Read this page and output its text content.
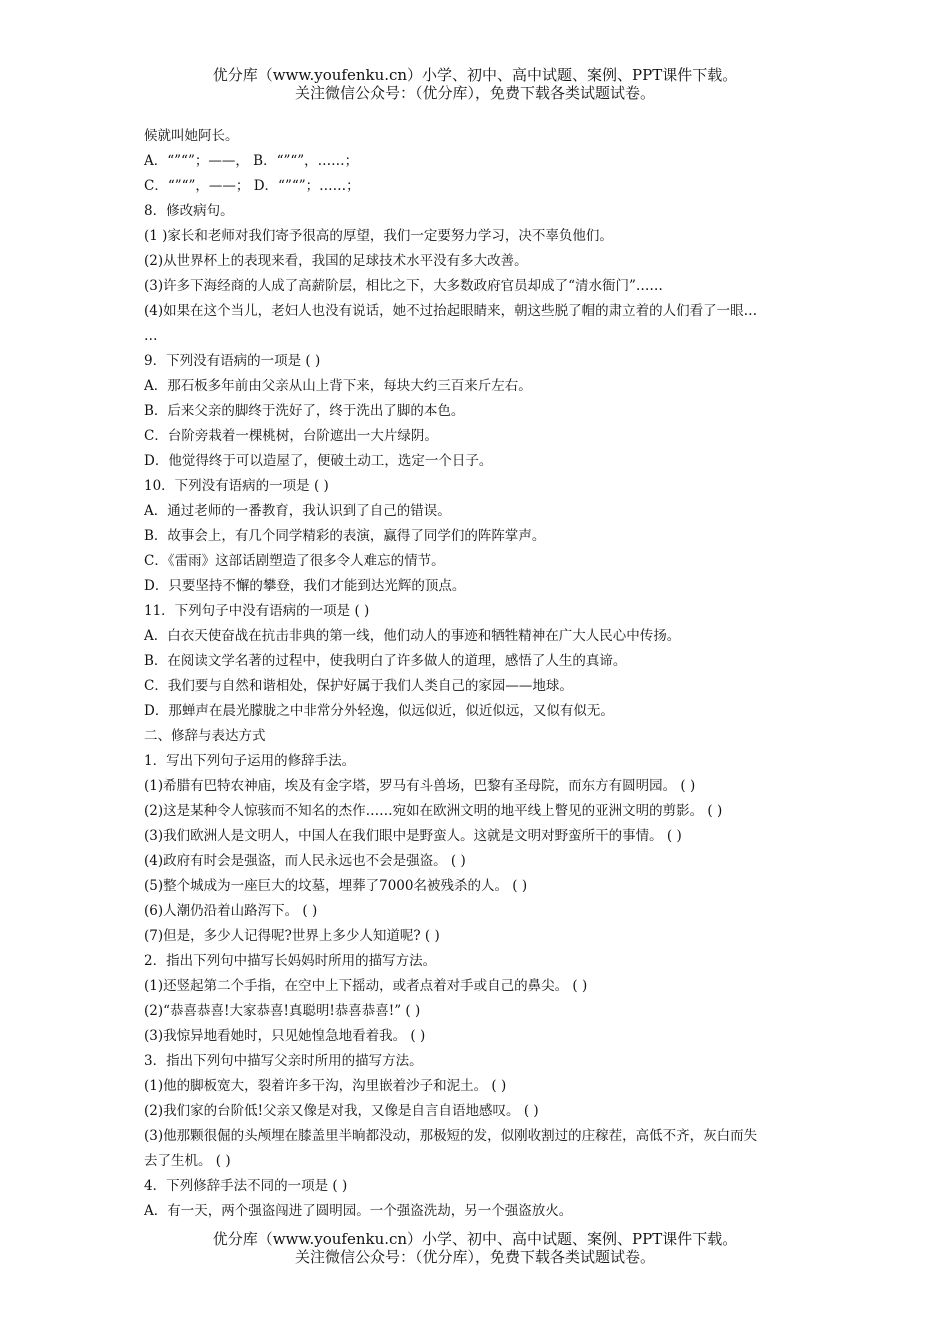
优分库（www.youfenku.cn）小学、初中、高中试题、案例、PPT课件下载。
关注微信公众号：（优分库），免费下载各类试题试卷。
候就叫她阿长。
A．“”“”；——， B．“”“”，……；
C．“”“”，——； D．“”“”；……；
8．修改病句。
(1 )家长和老师对我们寄予很高的厚望，我们一定要努力学习，决不辜负他们。
(2)从世界杯上的表现来看，我国的足球技术水平没有多大改善。
(3)许多下海经商的人成了高薪阶层，相比之下，大多数政府官员却成了“清水衙门”……
(4)如果在这个当儿，老妇人也没有说话，她不过抬起眼睛来，朝这些脱了帽的肃立着的人们看了一眼…
…
9．下列没有语病的一项是 ( )
A．那石板多年前由父亲从山上背下来，每块大约三百来斤左右。
B．后来父亲的脚终于洗好了，终于洗出了脚的本色。
C．台阶旁栽着一棵桃树，台阶遮出一大片绿阴。
D．他觉得终于可以造屋了，便破土动工，选定一个日子。
10．下列没有语病的一项是 ( )
A．通过老师的一番教育，我认识到了自己的错误。
B．故事会上，有几个同学精彩的表演，赢得了同学们的阵阵掌声。
C．《雷雨》这部话剧塑造了很多令人难忘的情节。
D．只要坚持不懈的攀登，我们才能到达光辉的顶点。
11．下列句子中没有语病的一项是 ( )
A．白衣天使奋战在抗击非典的第一线，他们动人的事迹和牺牲精神在广大人民心中传扬。
B．在阅读文学名著的过程中，使我明白了许多做人的道理，感悟了人生的真谛。
C．我们要与自然和谐相处，保护好属于我们人类自己的家园——地球。
D．那蝉声在晨光朦胧之中非常分外轻逸，似远似近，似近似远，又似有似无。
二、修辞与表达方式
1．写出下列句子运用的修辞手法。
(1)希腊有巴特农神庙，埃及有金字塔，罗马有斗兽场，巴黎有圣母院，而东方有圆明园。 ( )
(2)这是某种令人惊骇而不知名的杰作……宛如在欧洲文明的地平线上瞥见的亚洲文明的剪影。 ( )
(3)我们欧洲人是文明人，中国人在我们眼中是野蛮人。这就是文明对野蛮所干的事情。 ( )
(4)政府有时会是强盗，而人民永远也不会是强盗。 ( )
(5)整个城成为一座巨大的坟墓，埋葬了7000名被残杀的人。 ( )
(6)人潮仍沿着山路泻下。 ( )
(7)但是，多少人记得呢?世界上多少人知道呢? ( )
2．指出下列句中描写长妈妈时所用的描写方法。
(1)还竖起第二个手指，在空中上下摇动，或者点着对手或自己的鼻尖。 ( )
(2)“恭喜恭喜!大家恭喜!真聪明!恭喜恭喜!” ( )
(3)我惊异地看她时，只见她惶急地看着我。 ( )
3．指出下列句中描写父亲时所用的描写方法。
(1)他的脚板宽大，裂着许多干沟，沟里嵌着沙子和泥土。 ( )
(2)我们家的台阶低!父亲又像是对我，又像是自言自语地感叹。 ( )
(3)他那颗很倔的头颅埋在膝盖里半晌都没动，那极短的发，似刚收割过的庄稼茬，高低不齐，灰白而失
去了生机。 ( )
4．下列修辞手法不同的一项是 ( )
A．有一天，两个强盗闯进了圆明园。一个强盗洗劫，另一个强盗放火。
优分库（www.youfenku.cn）小学、初中、高中试题、案例、PPT课件下载。
关注微信公众号：（优分库），免费下载各类试题试卷。
